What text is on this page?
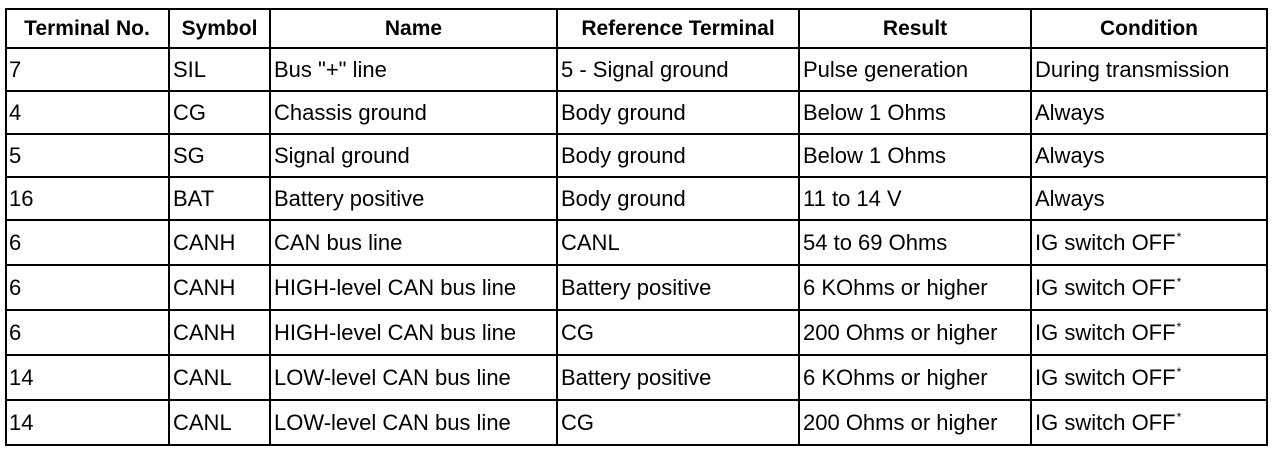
Terminal No.	Symbol	Name	Reference Terminal	Result	Condition
7	SIL	Bus "+" line	5 - Signal ground	Pulse generation	During transmission
4	CG	Chassis ground	Body ground	Below 1 Ohms	Always
5	SG	Signal ground	Body ground	Below 1 Ohms	Always
16	BAT	Battery positive	Body ground	11 to 14 V	Always
6	CANH	CAN bus line	CANL	54 to 69 Ohms	IG switch OFF*
6	CANH	HIGH-level CAN bus line	Battery positive	6 KOhms or higher	IG switch OFF*
6	CANH	HIGH-level CAN bus line	CG	200 Ohms or higher	IG switch OFF*
14	CANL	LOW-level CAN bus line	Battery positive	6 KOhms or higher	IG switch OFF*
14	CANL	LOW-level CAN bus line	CG	200 Ohms or higher	IG switch OFF*
